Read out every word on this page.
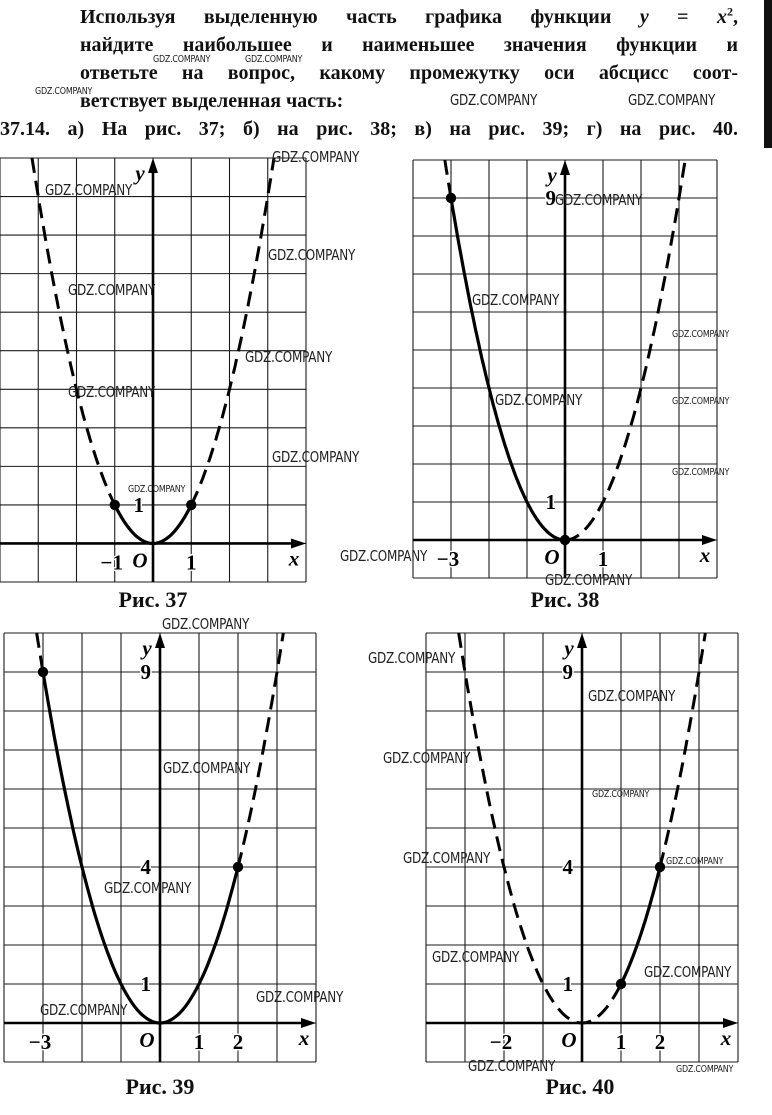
Используя выделенную часть графика функции $y = x^2$,
найдите наибольшее и наименьшее значения функции и
ответьте на вопрос, какому промежутку оси абсцисс соот-
ветствует выделенная часть:
37.14. а) На рис. 37; б) на рис. 38; в) на рис. 39; г) на рис. 40.
−1	1
1
O	x
y
−3	1
1
9
O	x
y
−3	1 2
1
4
9
O	x
y
−2	1 2
1
4
9
O	x
y
Рис. 37	Рис. 38
Рис. 39	Рис. 40
GDZ.COMPANY
GDZ.COMPANY	GDZ.COMPANY
GDZ.COMPANY	GDZ.COMPANY
GDZ.COMPANY
GDZ.COMPANY
GDZ.COMPANY
GDZ.COMPANY
GDZ.COMPANY
GDZ.COMPANY
GDZ.COMPANY
GDZ.COMPANY
GDZ.COMPANY	GDZ.COMPANY
GDZ.COMPANY
GDZ.COMPANY
GDZ.COMPANY
GDZ.COMPANY
GDZ.COMPANY
GDZ.COMPANY
GDZ.COMPANY
GDZ.COMPANY
GDZ.COMPANY
GDZ.COMPANY
GDZ.COMPANY
GDZ.COMPANY
GDZ.COMPANY	GDZ.COMPANY
GDZ.COMPANY
GDZ.COMPANY
GDZ.COMPANY
GDZ.COMPANY
GDZ.COMPANY
GDZ.COMPANY	GDZ.COMPANY
